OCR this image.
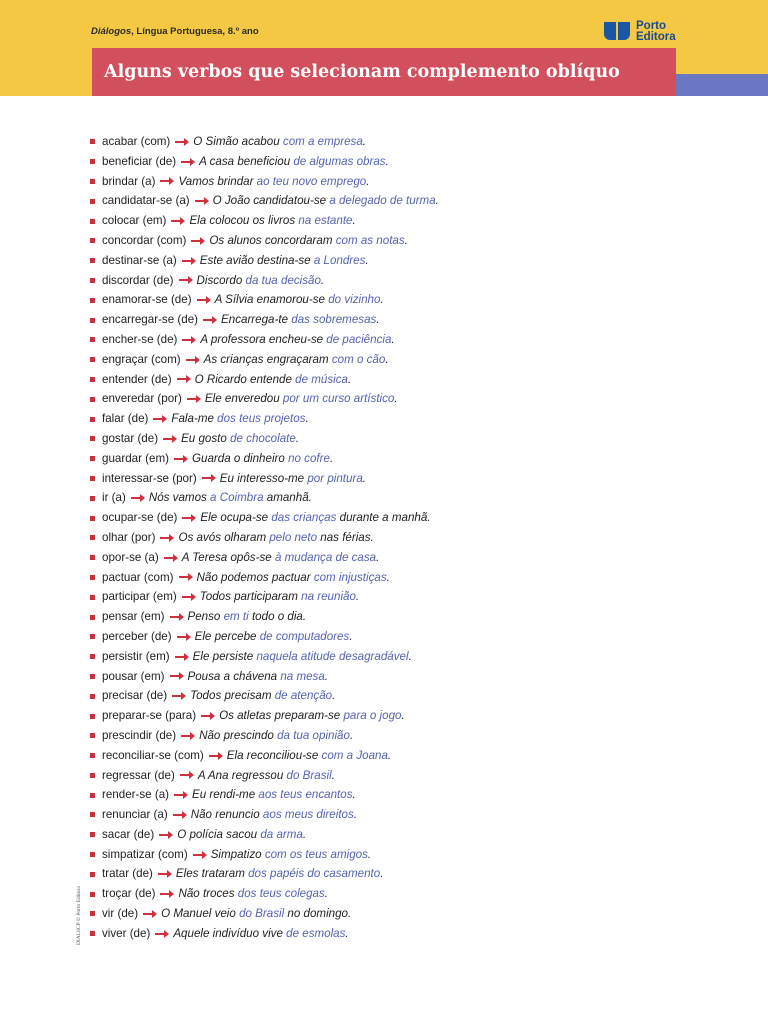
Diálogos, Língua Portuguesa, 8.º ano	Porto
Editora
Alguns verbos que selecionam complemento oblíquo
acabar (com) O Simão acabou com a empresa.
beneficiar (de) A casa beneficiou de algumas obras.
brindar (a) Vamos brindar ao teu novo emprego.
candidatar-se (a) O João candidatou-se a delegado de turma.
colocar (em) Ela colocou os livros na estante.
concordar (com) Os alunos concordaram com as notas.
destinar-se (a) Este avião destina-se a Londres.
discordar (de) Discordo da tua decisão.
enamorar-se (de) A Sílvia enamorou-se do vizinho.
encarregar-se (de) Encarrega-te das sobremesas.
encher-se (de) A professora encheu-se de paciência.
engraçar (com) As crianças engraçaram com o cão.
entender (de) O Ricardo entende de música.
enveredar (por) Ele enveredou por um curso artístico.
falar (de) Fala-me dos teus projetos.
gostar (de) Eu gosto de chocolate.
guardar (em) Guarda o dinheiro no cofre.
interessar-se (por) Eu interesso-me por pintura.
ir (a) Nós vamos a Coimbra amanhã.
ocupar-se (de) Ele ocupa-se das crianças durante a manhã.
olhar (por) Os avós olharam pelo neto nas férias.
opor-se (a) A Teresa opôs-se à mudança de casa.
pactuar (com) Não podemos pactuar com injustiças.
participar (em) Todos participaram na reunião.
pensar (em) Penso em ti todo o dia.
perceber (de) Ele percebe de computadores.
persistir (em) Ele persiste naquela atitude desagradável.
pousar (em) Pousa a chávena na mesa.
precisar (de) Todos precisam de atenção.
preparar-se (para) Os atletas preparam-se para o jogo.
prescindir (de) Não prescindo da tua opinião.
reconciliar-se (com) Ela reconciliou-se com a Joana.
regressar (de) A Ana regressou do Brasil.
render-se (a) Eu rendi-me aos teus encantos.
renunciar (a) Não renuncio aos meus direitos.
sacar (de) O polícia sacou da arma.
simpatizar (com) Simpatizo com os teus amigos.
tratar (de) Eles trataram dos papéis do casamento.
troçar (de) Não troces dos teus colegas.
vir (de) O Manuel veio do Brasil no domingo.
viver (de) Aquele indivíduo vive de esmolas.
DIAL8CP © Porto Editora
